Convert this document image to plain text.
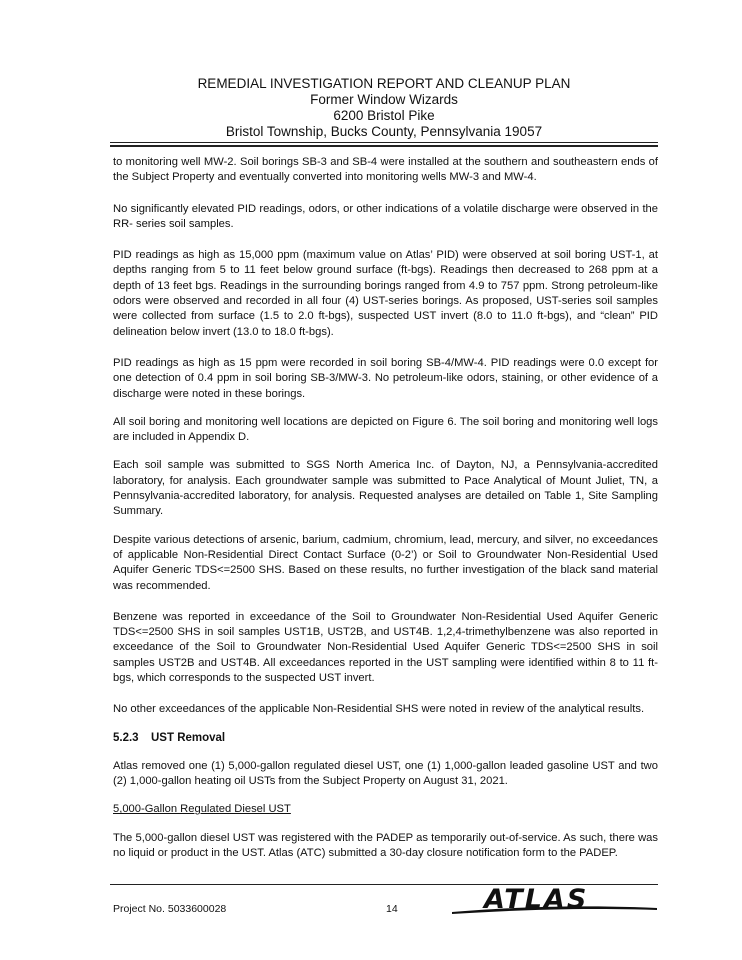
REMEDIAL INVESTIGATION REPORT AND CLEANUP PLAN
Former Window Wizards
6200 Bristol Pike
Bristol Township, Bucks County, Pennsylvania 19057

to monitoring well MW-2. Soil borings SB-3 and SB-4 were installed at the southern and southeastern ends of the Subject Property and eventually converted into monitoring wells MW-3 and MW-4.

No significantly elevated PID readings, odors, or other indications of a volatile discharge were observed in the RR- series soil samples.

PID readings as high as 15,000 ppm (maximum value on Atlas’ PID) were observed at soil boring UST-1, at depths ranging from 5 to 11 feet below ground surface (ft-bgs). Readings then decreased to 268 ppm at a depth of 13 feet bgs. Readings in the surrounding borings ranged from 4.9 to 757 ppm. Strong petroleum-like odors were observed and recorded in all four (4) UST-series borings. As proposed, UST-series soil samples were collected from surface (1.5 to 2.0 ft-bgs), suspected UST invert (8.0 to 11.0 ft-bgs), and “clean” PID delineation below invert (13.0 to 18.0 ft-bgs).

PID readings as high as 15 ppm were recorded in soil boring SB-4/MW-4. PID readings were 0.0 except for one detection of 0.4 ppm in soil boring SB-3/MW-3. No petroleum-like odors, staining, or other evidence of a discharge were noted in these borings.

All soil boring and monitoring well locations are depicted on Figure 6. The soil boring and monitoring well logs are included in Appendix D.

Each soil sample was submitted to SGS North America Inc. of Dayton, NJ, a Pennsylvania-accredited laboratory, for analysis. Each groundwater sample was submitted to Pace Analytical of Mount Juliet, TN, a Pennsylvania-accredited laboratory, for analysis. Requested analyses are detailed on Table 1, Site Sampling Summary.

Despite various detections of arsenic, barium, cadmium, chromium, lead, mercury, and silver, no exceedances of applicable Non-Residential Direct Contact Surface (0-2’) or Soil to Groundwater Non-Residential Used Aquifer Generic TDS<=2500 SHS. Based on these results, no further investigation of the black sand material was recommended.

Benzene was reported in exceedance of the Soil to Groundwater Non-Residential Used Aquifer Generic TDS<=2500 SHS in soil samples UST1B, UST2B, and UST4B. 1,2,4-trimethylbenzene was also reported in exceedance of the Soil to Groundwater Non-Residential Used Aquifer Generic TDS<=2500 SHS in soil samples UST2B and UST4B. All exceedances reported in the UST sampling were identified within 8 to 11 ft-bgs, which corresponds to the suspected UST invert.

No other exceedances of the applicable Non-Residential SHS were noted in review of the analytical results.

5.2.3 UST Removal

Atlas removed one (1) 5,000-gallon regulated diesel UST, one (1) 1,000-gallon leaded gasoline UST and two (2) 1,000-gallon heating oil USTs from the Subject Property on August 31, 2021.

5,000-Gallon Regulated Diesel UST

The 5,000-gallon diesel UST was registered with the PADEP as temporarily out-of-service. As such, there was no liquid or product in the UST. Atlas (ATC) submitted a 30-day closure notification form to the PADEP.

Project No. 5033600028	14	ATLAS
